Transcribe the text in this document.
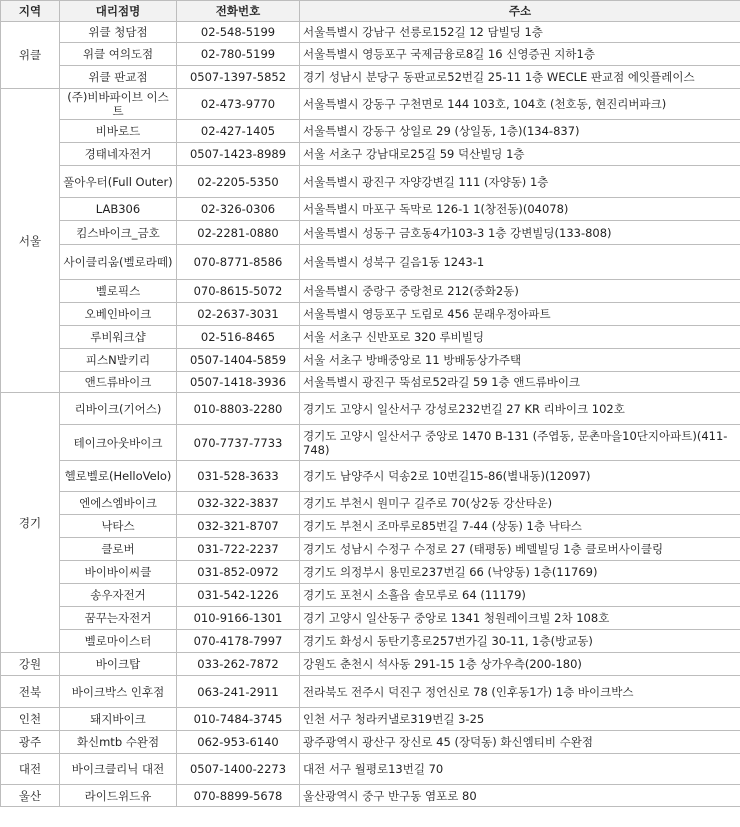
지역	대리점명	전화번호	주소
위클	위클 청담점	02-548-5199	서울특별시 강남구 선릉로152길 12 담빌딩 1층
	위클 여의도점	02-780-5199	서울특별시 영등포구 국제금융로8길 16 신영증권 지하1층
	위클 판교점	0507-1397-5852	경기 성남시 분당구 동판교로52번길 25-11 1층 WECLE 판교점 에잇플레이스
서울	(주)비바파이브 이스트	02-473-9770	서울특별시 강동구 구천면로 144 103호, 104호 (천호동, 현진리버파크)
	비바로드	02-427-1405	서울특별시 강동구 상일로 29 (상일동, 1층)(134-837)
	경태네자전거	0507-1423-8989	서울 서초구 강남대로25길 59 덕산빌딩 1층
	풀아우터(Full Outer)	02-2205-5350	서울특별시 광진구 자양강변길 111 (자양동) 1층
	LAB306	02-326-0306	서울특별시 마포구 독막로 126-1 1(창전동)(04078)
	킴스바이크_금호	02-2281-0880	서울특별시 성동구 금호동4가103-3 1층 강변빌딩(133-808)
	사이클리움(벨로라떼)	070-8771-8586	서울특별시 성북구 길음1동 1243-1
	벨로픽스	070-8615-5072	서울특별시 중랑구 중랑천로 212(중화2동)
	오베인바이크	02-2637-3031	서울특별시 영등포구 도림로 456 문래우정아파트
	루비워크샵	02-516-8465	서울 서초구 신반포로 320 루비빌딩
	피스N발키리	0507-1404-5859	서울 서초구 방배중앙로 11 방배동상가주택
	앤드류바이크	0507-1418-3936	서울특별시 광진구 뚝섬로52라길 59 1층 앤드류바이크
경기	리바이크(기어스)	010-8803-2280	경기도 고양시 일산서구 강성로232번길 27 KR 리바이크 102호
	테이크아웃바이크	070-7737-7733	경기도 고양시 일산서구 중앙로 1470 B-131 (주엽동, 문촌마을10단지아파트)(411-748)
	헬로벨로(HelloVelo)	031-528-3633	경기도 남양주시 덕송2로 10번길15-86(별내동)(12097)
	엔에스엠바이크	032-322-3837	경기도 부천시 원미구 길주로 70(상2동 강산타운)
	낙타스	032-321-8707	경기도 부천시 조마루로85번길 7-44 (상동) 1층 낙타스
	클로버	031-722-2237	경기도 성남시 수정구 수정로 27 (태평동) 베델빌딩 1층 클로버사이클링
	바이바이씨클	031-852-0972	경기도 의정부시 용민로237번길 66 (낙양동) 1층(11769)
	송우자전거	031-542-1226	경기도 포천시 소흘읍 솔모루로 64 (11179)
	꿈꾸는자전거	010-9166-1301	경기 고양시 일산동구 중앙로 1341 청원레이크빌 2차 108호
	벨로마이스터	070-4178-7997	경기도 화성시 동탄기흥로257번가길 30-11, 1층(방교동)
강원	바이크탑	033-262-7872	강원도 춘천시 석사동 291-15 1층 상가우측(200-180)
전북	바이크박스 인후점	063-241-2911	전라북도 전주시 덕진구 정언신로 78 (인후동1가) 1층 바이크박스
인천	돼지바이크	010-7484-3745	인천 서구 청라커낼로319번길 3-25
광주	화신mtb 수완점	062-953-6140	광주광역시 광산구 장신로 45 (장덕동) 화신엠티비 수완점
대전	바이크클리닉 대전	0507-1400-2273	대전 서구 월평로13번길 70
울산	라이드위드유	070-8899-5678	울산광역시 중구 반구동 염포로 80
